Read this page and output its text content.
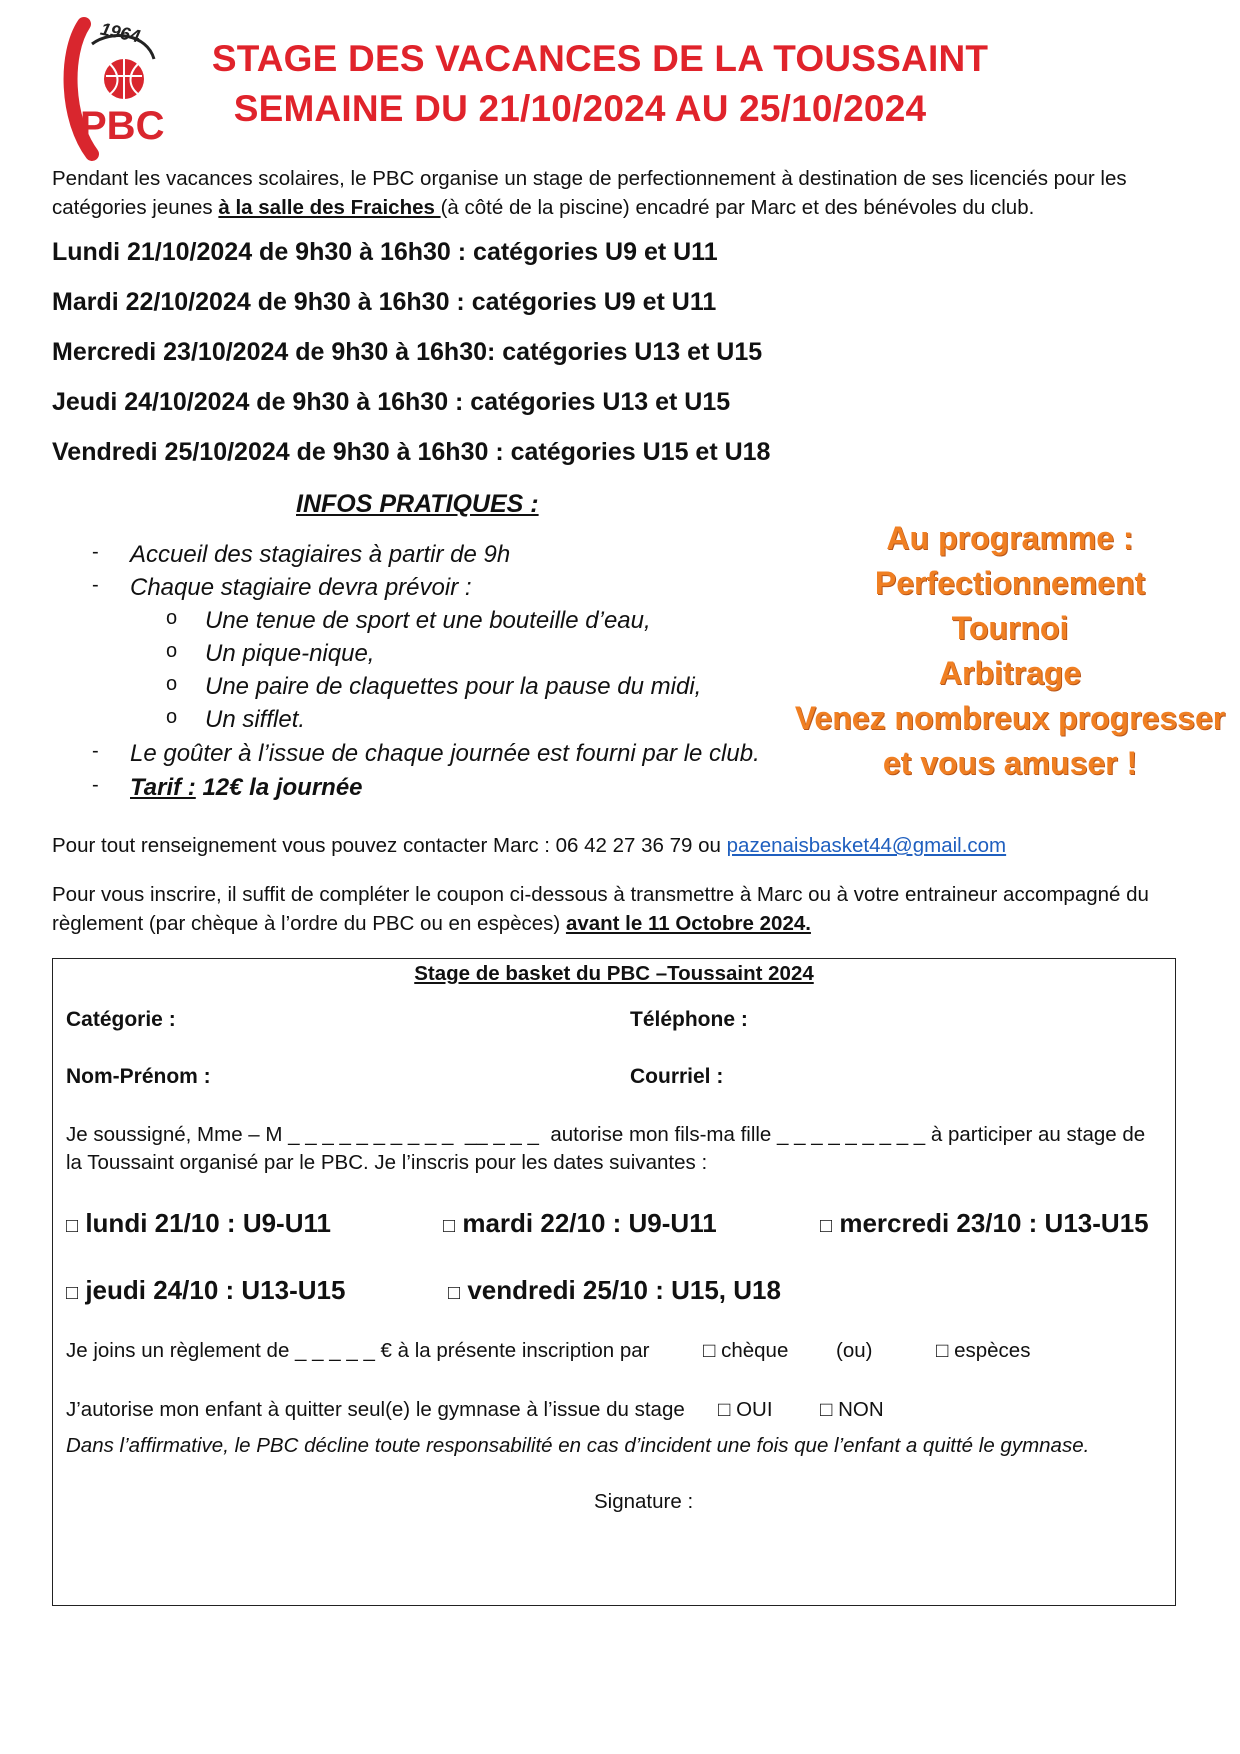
1964
PBC
STAGE DES VACANCES DE LA TOUSSAINT
SEMAINE DU 21/10/2024 AU 25/10/2024
Pendant les vacances scolaires, le PBC organise un stage de perfectionnement à destination de ses licenciés pour les catégories jeunes à la salle des Fraiches (à côté de la piscine) encadré par Marc et des bénévoles du club.
Lundi 21/10/2024 de 9h30 à 16h30 : catégories U9 et U11
Mardi 22/10/2024 de 9h30 à 16h30 : catégories U9 et U11
Mercredi 23/10/2024 de 9h30 à 16h30: catégories U13 et U15
Jeudi 24/10/2024 de 9h30 à 16h30 : catégories U13 et U15
Vendredi 25/10/2024 de 9h30 à 16h30 : catégories U15 et U18
INFOS PRATIQUES :
- Accueil des stagiaires à partir de 9h
- Chaque stagiaire devra prévoir :
o Une tenue de sport et une bouteille d’eau,
o Un pique-nique,
o Une paire de claquettes pour la pause du midi,
o Un sifflet.
- Le goûter à l’issue de chaque journée est fourni par le club.
- Tarif : 12€ la journée
Au programme :
Perfectionnement
Tournoi
Arbitrage
Venez nombreux progresser
et vous amuser !
Pour tout renseignement vous pouvez contacter Marc : 06 42 27 36 79 ou pazenaisbasket44@gmail.com
Pour vous inscrire, il suffit de compléter le coupon ci-dessous à transmettre à Marc ou à votre entraineur accompagné du règlement (par chèque à l’ordre du PBC ou en espèces) avant le 11 Octobre 2024.
Stage de basket du PBC –Toussaint 2024
Catégorie :	Téléphone :
Nom-Prénom :	Courriel :
Je soussigné, Mme – M _ _ _ _ _ _ _ _ _ _  __ _ _ _  autorise mon fils-ma fille _ _ _ _ _ _ _ _ _ à participer au stage de
la Toussaint organisé par le PBC. Je l’inscris pour les dates suivantes :
□ lundi 21/10 : U9-U11	□ mardi 22/10 : U9-U11	□ mercredi 23/10 : U13-U15
□ jeudi 24/10 : U13-U15	□ vendredi 25/10 : U15, U18
Je joins un règlement de _ _ _ _ _ € à la présente inscription par	□ chèque (ou)	□ espèces
J’autorise mon enfant à quitter seul(e) le gymnase à l’issue du stage □ OUI □ NON
Dans l’affirmative, le PBC décline toute responsabilité en cas d’incident une fois que l’enfant a quitté le gymnase.
Signature :
